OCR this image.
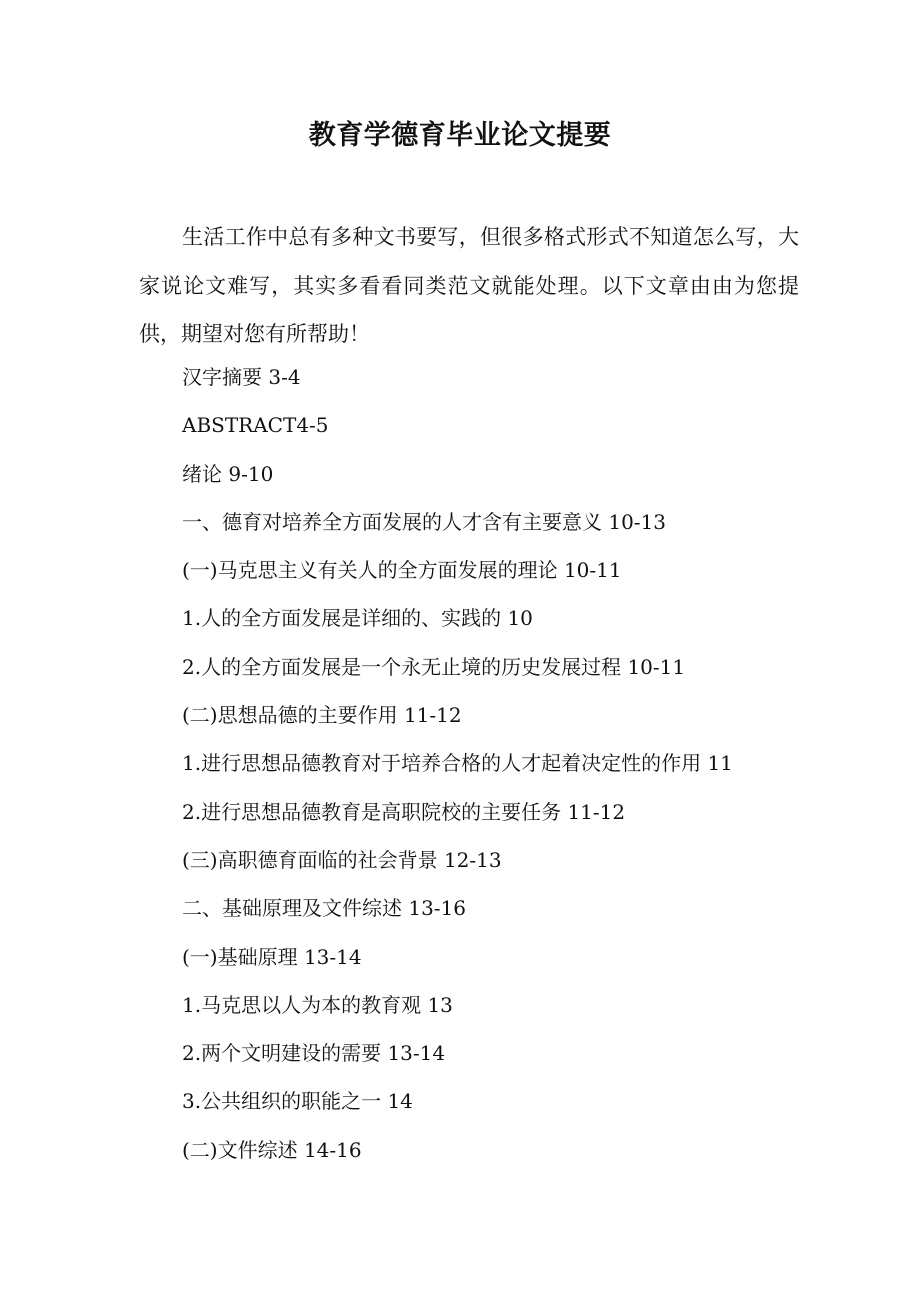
教育学德育毕业论文提要
生活工作中总有多种文书要写，但很多格式形式不知道怎么写，大家说论文难写，其实多看看同类范文就能处理。以下文章由由为您提供，期望对您有所帮助！
汉字摘要 3-4
ABSTRACT4-5
绪论 9-10
一、德育对培养全方面发展的人才含有主要意义 10-13
(一)马克思主义有关人的全方面发展的理论 10-11
1.人的全方面发展是详细的、实践的 10
2.人的全方面发展是一个永无止境的历史发展过程 10-11
(二)思想品德的主要作用 11-12
1.进行思想品德教育对于培养合格的人才起着决定性的作用 11
2.进行思想品德教育是高职院校的主要任务 11-12
(三)高职德育面临的社会背景 12-13
二、基础原理及文件综述 13-16
(一)基础原理 13-14
1.马克思以人为本的教育观 13
2.两个文明建设的需要 13-14
3.公共组织的职能之一 14
(二)文件综述 14-16
